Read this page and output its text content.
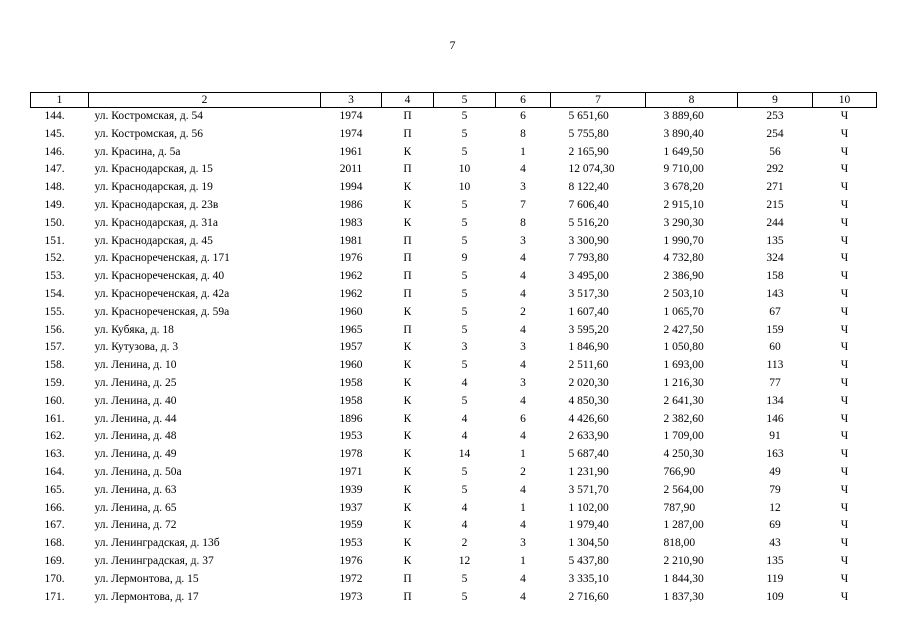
7
1	2	3	4	5	6	7	8	9	10
144.	ул. Костромская, д. 54	1974	П	5	6	5 651,60	3 889,60	253	Ч
145.	ул. Костромская, д. 56	1974	П	5	8	5 755,80	3 890,40	254	Ч
146.	ул. Красина, д. 5а	1961	К	5	1	2 165,90	1 649,50	56	Ч
147.	ул. Краснодарская, д. 15	2011	П	10	4	12 074,30	9 710,00	292	Ч
148.	ул. Краснодарская, д. 19	1994	К	10	3	8 122,40	3 678,20	271	Ч
149.	ул. Краснодарская, д. 23в	1986	К	5	7	7 606,40	2 915,10	215	Ч
150.	ул. Краснодарская, д. 31а	1983	К	5	8	5 516,20	3 290,30	244	Ч
151.	ул. Краснодарская, д. 45	1981	П	5	3	3 300,90	1 990,70	135	Ч
152.	ул. Краснореченская, д. 171	1976	П	9	4	7 793,80	4 732,80	324	Ч
153.	ул. Краснореченская, д. 40	1962	П	5	4	3 495,00	2 386,90	158	Ч
154.	ул. Краснореченская, д. 42а	1962	П	5	4	3 517,30	2 503,10	143	Ч
155.	ул. Краснореченская, д. 59а	1960	К	5	2	1 607,40	1 065,70	67	Ч
156.	ул. Кубяка, д. 18	1965	П	5	4	3 595,20	2 427,50	159	Ч
157.	ул. Кутузова, д. 3	1957	К	3	3	1 846,90	1 050,80	60	Ч
158.	ул. Ленина, д. 10	1960	К	5	4	2 511,60	1 693,00	113	Ч
159.	ул. Ленина, д. 25	1958	К	4	3	2 020,30	1 216,30	77	Ч
160.	ул. Ленина, д. 40	1958	К	5	4	4 850,30	2 641,30	134	Ч
161.	ул. Ленина, д. 44	1896	К	4	6	4 426,60	2 382,60	146	Ч
162.	ул. Ленина, д. 48	1953	К	4	4	2 633,90	1 709,00	91	Ч
163.	ул. Ленина, д. 49	1978	К	14	1	5 687,40	4 250,30	163	Ч
164.	ул. Ленина, д. 50а	1971	К	5	2	1 231,90	766,90	49	Ч
165.	ул. Ленина, д. 63	1939	К	5	4	3 571,70	2 564,00	79	Ч
166.	ул. Ленина, д. 65	1937	К	4	1	1 102,00	787,90	12	Ч
167.	ул. Ленина, д. 72	1959	К	4	4	1 979,40	1 287,00	69	Ч
168.	ул. Ленинградская, д. 13б	1953	К	2	3	1 304,50	818,00	43	Ч
169.	ул. Ленинградская, д. 37	1976	К	12	1	5 437,80	2 210,90	135	Ч
170.	ул. Лермонтова, д. 15	1972	П	5	4	3 335,10	1 844,30	119	Ч
171.	ул. Лермонтова, д. 17	1973	П	5	4	2 716,60	1 837,30	109	Ч
